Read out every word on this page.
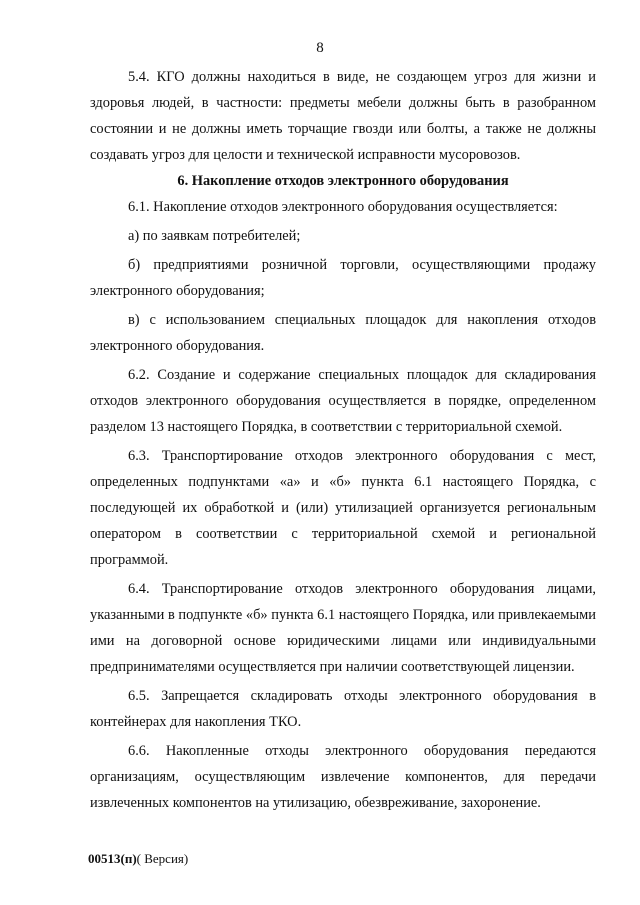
8

5.4. КГО должны находиться в виде, не создающем угроз для жизни и здоровья людей, в частности: предметы мебели должны быть в разобранном состоянии и не должны иметь торчащие гвозди или болты, а также не должны создавать угроз для целости и технической исправности мусоровозов.

6. Накопление отходов электронного оборудования

6.1. Накопление отходов электронного оборудования осуществляется:

а) по заявкам потребителей;

б) предприятиями розничной торговли, осуществляющими продажу электронного оборудования;

в) с использованием специальных площадок для накопления отходов электронного оборудования.

6.2. Создание и содержание специальных площадок для складирования отходов электронного оборудования осуществляется в порядке, определенном разделом 13 настоящего Порядка, в соответствии с территориальной схемой.

6.3. Транспортирование отходов электронного оборудования с мест, определенных подпунктами «а» и «б» пункта 6.1 настоящего Порядка, с последующей их обработкой и (или) утилизацией организуется региональным оператором в соответствии с территориальной схемой и региональной программой.

6.4. Транспортирование отходов электронного оборудования лицами, указанными в подпункте «б» пункта 6.1 настоящего Порядка, или привлекаемыми ими на договорной основе юридическими лицами или индивидуальными предпринимателями осуществляется при наличии соответствующей лицензии.

6.5. Запрещается складировать отходы электронного оборудования в контейнерах для накопления ТКО.

6.6. Накопленные отходы электронного оборудования передаются организациям, осуществляющим извлечение компонентов, для передачи извлеченных компонентов на утилизацию, обезвреживание, захоронение.

00513(п)( Версия)
